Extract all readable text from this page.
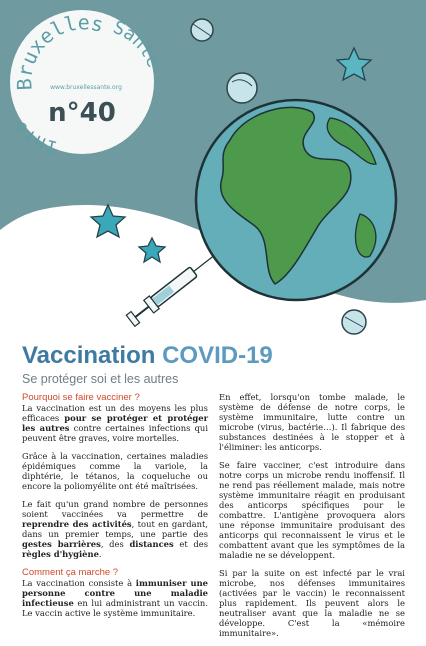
Bruxelles Sant
Info
www.bruxellessante.org
n°40
Vaccination COVID-19
Se protéger soi et les autres
Pourquoi se faire vacciner ?

La vaccination est un des moyens les plus efficaces pour se protéger et protéger les autres contre certaines infections qui peuvent être graves, voire mortelles.

Grâce à la vaccination, certaines maladies épidémiques comme la variole, la diphtérie, le tétanos, la coqueluche ou encore la poliomyélite ont été maîtrisées.

Le fait qu'un grand nombre de personnes soient vaccinées va permettre de reprendre des activités, tout en gardant, dans un premier temps, une partie des gestes barrières, des distances et des règles d'hygiène.

Comment ça marche ?

La vaccination consiste à immuniser une personne contre une maladie infectieuse en lui administrant un vaccin. Le vaccin active le système immunitaire.

En effet, lorsqu'on tombe malade, le système de défense de notre corps, le système immunitaire, lutte contre un microbe (virus, bactérie…). Il fabrique des substances destinées à le stopper et à l'éliminer: les anticorps.

Se faire vacciner, c'est introduire dans notre corps un microbe rendu inoffensif. Il ne rend pas réellement malade, mais notre système immunitaire réagit en produisant des anticorps spécifiques pour le combattre. L'antigène provoquera alors une réponse immunitaire produisant des anticorps qui reconnaissent le virus et le combattent avant que les symptômes de la maladie ne se développent.

Si par la suite on est infecté par le vrai microbe, nos défenses immunitaires (activées par le vaccin) le reconnaissent plus rapidement. Ils peuvent alors le neutraliser avant que la maladie ne se développe. C'est la «mémoire immunitaire».
